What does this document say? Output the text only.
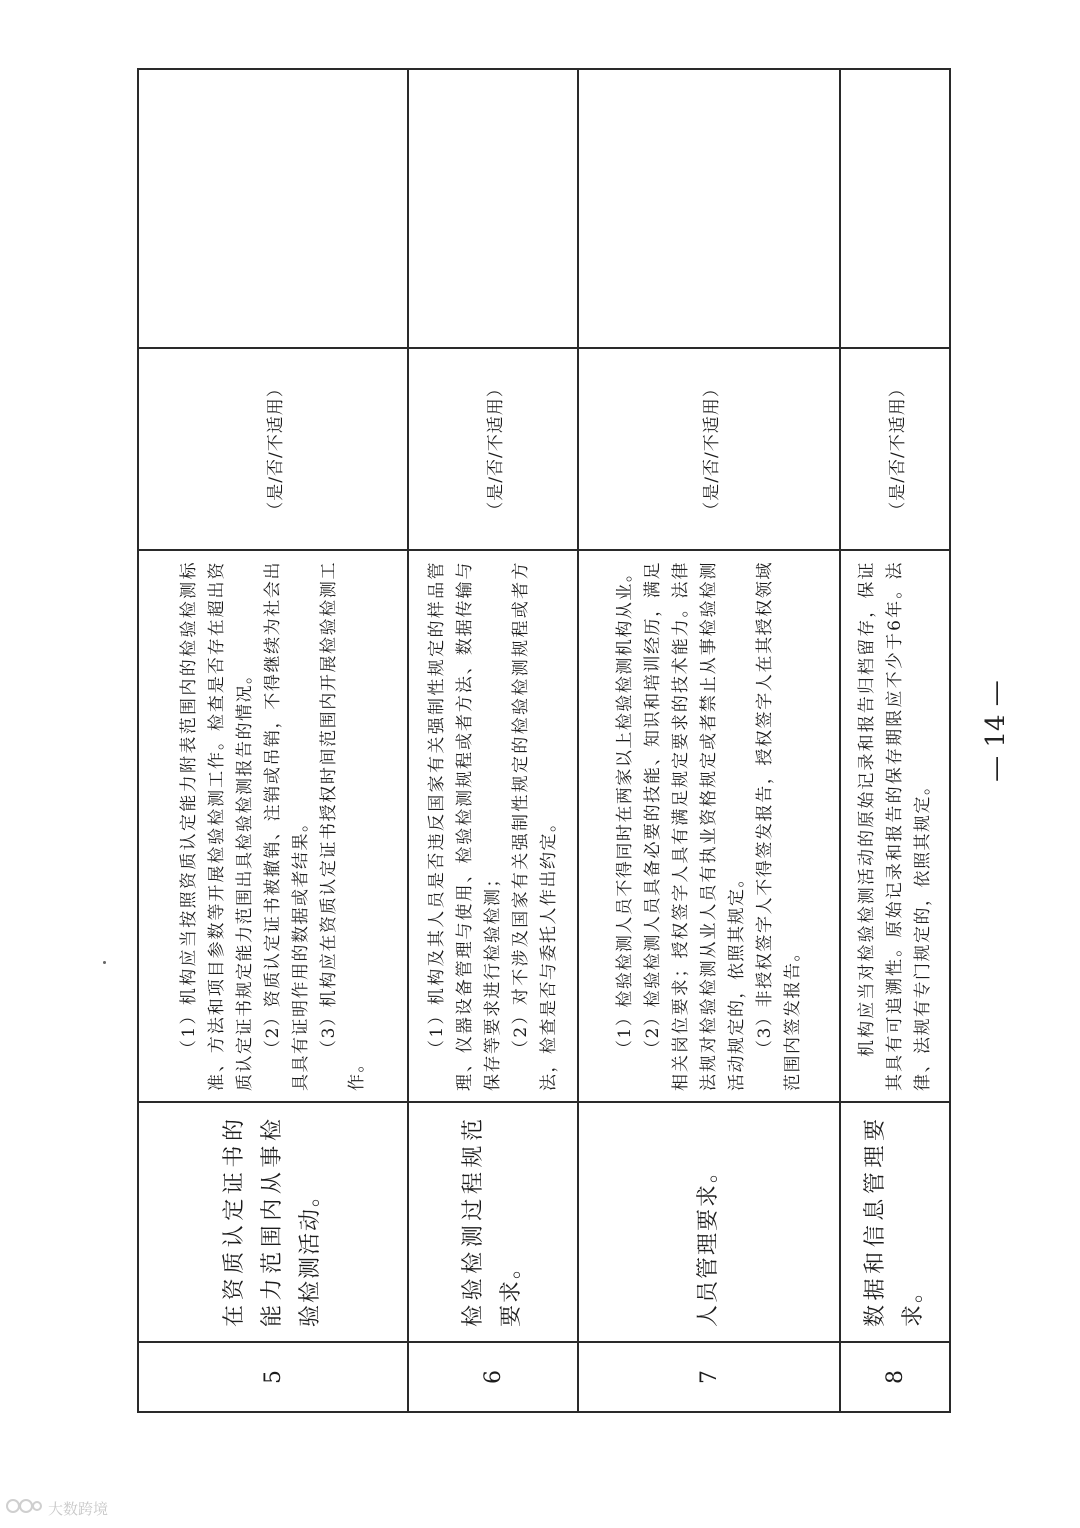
5	在资质认定证书的能力范围内从事检验检测活动。	（1）机构应当按照资质认定能力附表范围内的检验检测标准、方法和项目参数等开展检验检测工作。检查是否存在超出资质认定证书规定能力范围出具检验检测报告的情况。 （2）资质认定证书被撤销、注销或吊销，不得继续为社会出具具有证明作用的数据或者结果。 （3）机构应在资质认定证书授权时间范围内开展检验检测工作。	（是/否/不适用）	
6	检验检测过程规范要求。	（1）机构及其人员是否违反国家有关强制性规定的样品管理、仪器设备管理与使用、检验检测规程或者方法、数据传输与保存等要求进行检验检测； （2）对不涉及国家有关强制性规定的检验检测规程或者方法，检查是否与委托人作出约定。	（是/否/不适用）	
7	人员管理要求。	（1）检验检测人员不得同时在两家以上检验检测机构从业。 （2）检验检测人员具备必要的技能、知识和培训经历，满足相关岗位要求；授权签字人具有满足规定要求的技术能力。法律法规对检验检测从业人员有执业资格规定或者禁止从事检验检测活动规定的，依照其规定。 （3）非授权签字人不得签发报告，授权签字人在其授权领域范围内签发报告。	（是/否/不适用）	
8	数据和信息管理要求。	机构应当对检验检测活动的原始记录和报告归档留存，保证其具有可追溯性。原始记录和报告的保存期限应不少于6年。法律、法规有专门规定的，依照其规定。	（是/否/不适用）	
— 14 —
大数跨境
